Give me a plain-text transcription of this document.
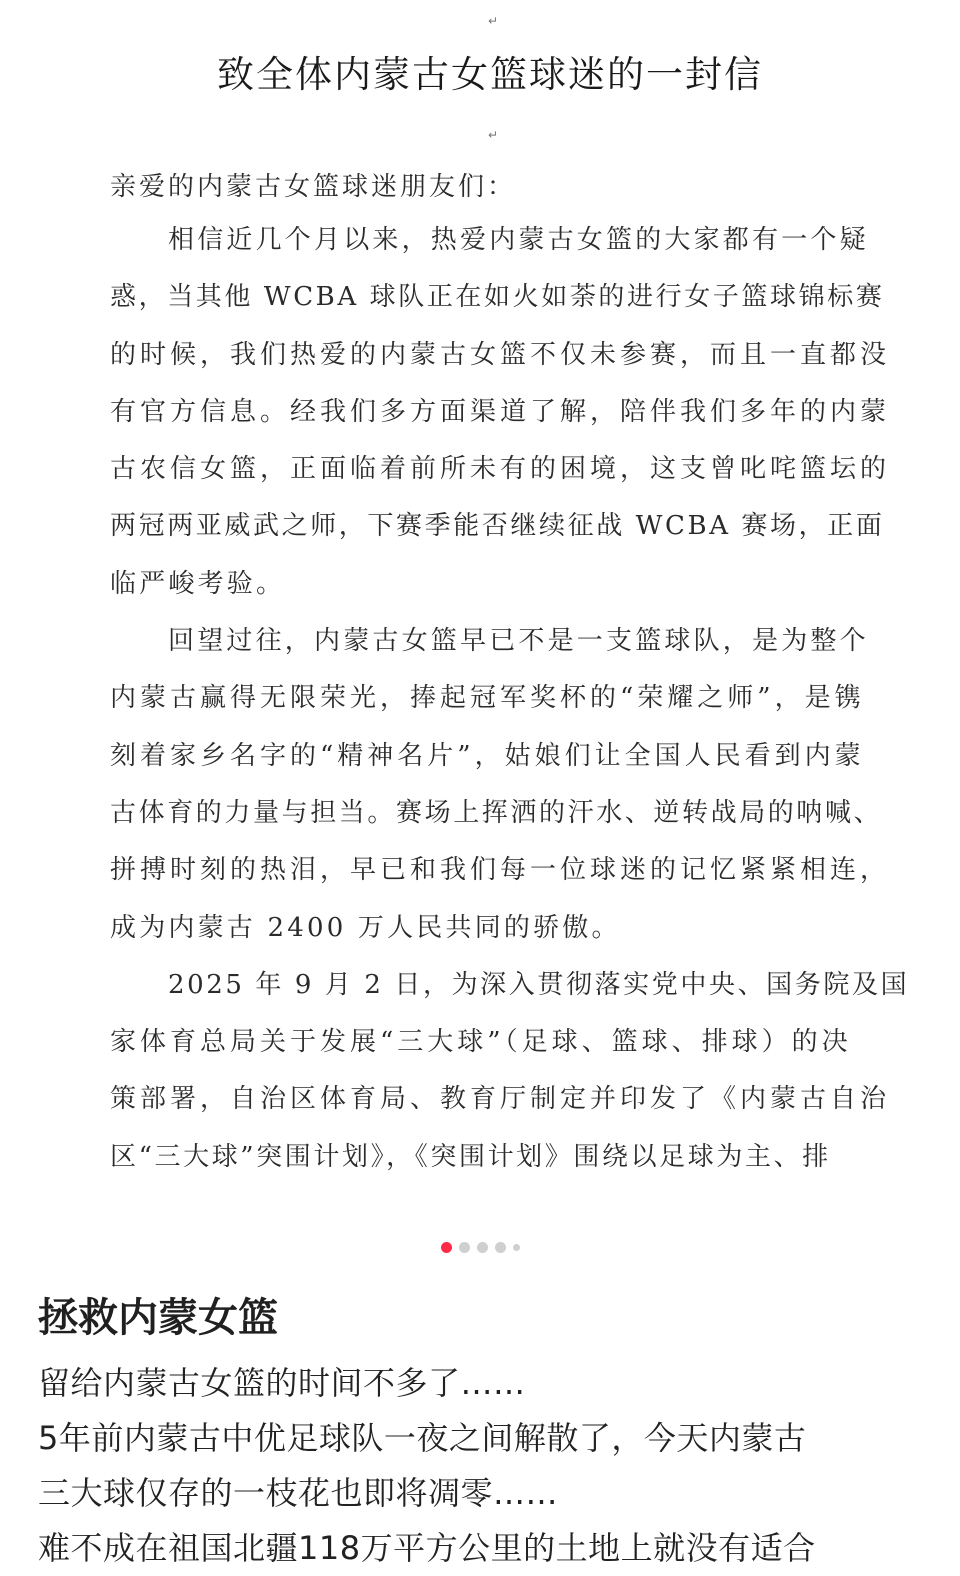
↵
致全体内蒙古女篮球迷的一封信
↵
亲爱的内蒙古女篮球迷朋友们：
相信近几个月以来，热爱内蒙古女篮的大家都有一个疑
惑，当其他 WCBA 球队正在如火如荼的进行女子篮球锦标赛
的时候，我们热爱的内蒙古女篮不仅未参赛，而且一直都没
有官方信息。经我们多方面渠道了解，陪伴我们多年的内蒙
古农信女篮，正面临着前所未有的困境，这支曾叱咤篮坛的
两冠两亚威武之师，下赛季能否继续征战 WCBA 赛场，正面
临严峻考验。
回望过往，内蒙古女篮早已不是一支篮球队，是为整个
内蒙古赢得无限荣光，捧起冠军奖杯的“荣耀之师”，是镌
刻着家乡名字的“精神名片”，姑娘们让全国人民看到内蒙
古体育的力量与担当。赛场上挥洒的汗水、逆转战局的呐喊、
拼搏时刻的热泪，早已和我们每一位球迷的记忆紧紧相连，
成为内蒙古 2400 万人民共同的骄傲。
2025 年 9 月 2 日，为深入贯彻落实党中央、国务院及国
家体育总局关于发展“三大球”（足球、篮球、排球）的决
策部署，自治区体育局、教育厅制定并印发了《内蒙古自治
区“三大球”突围计划》，《突围计划》围绕以足球为主、排
拯救内蒙女篮
留给内蒙古女篮的时间不多了……
5年前内蒙古中优足球队一夜之间解散了，今天内蒙古
三大球仅存的一枝花也即将凋零……
难不成在祖国北疆118万平方公里的土地上就没有适合
